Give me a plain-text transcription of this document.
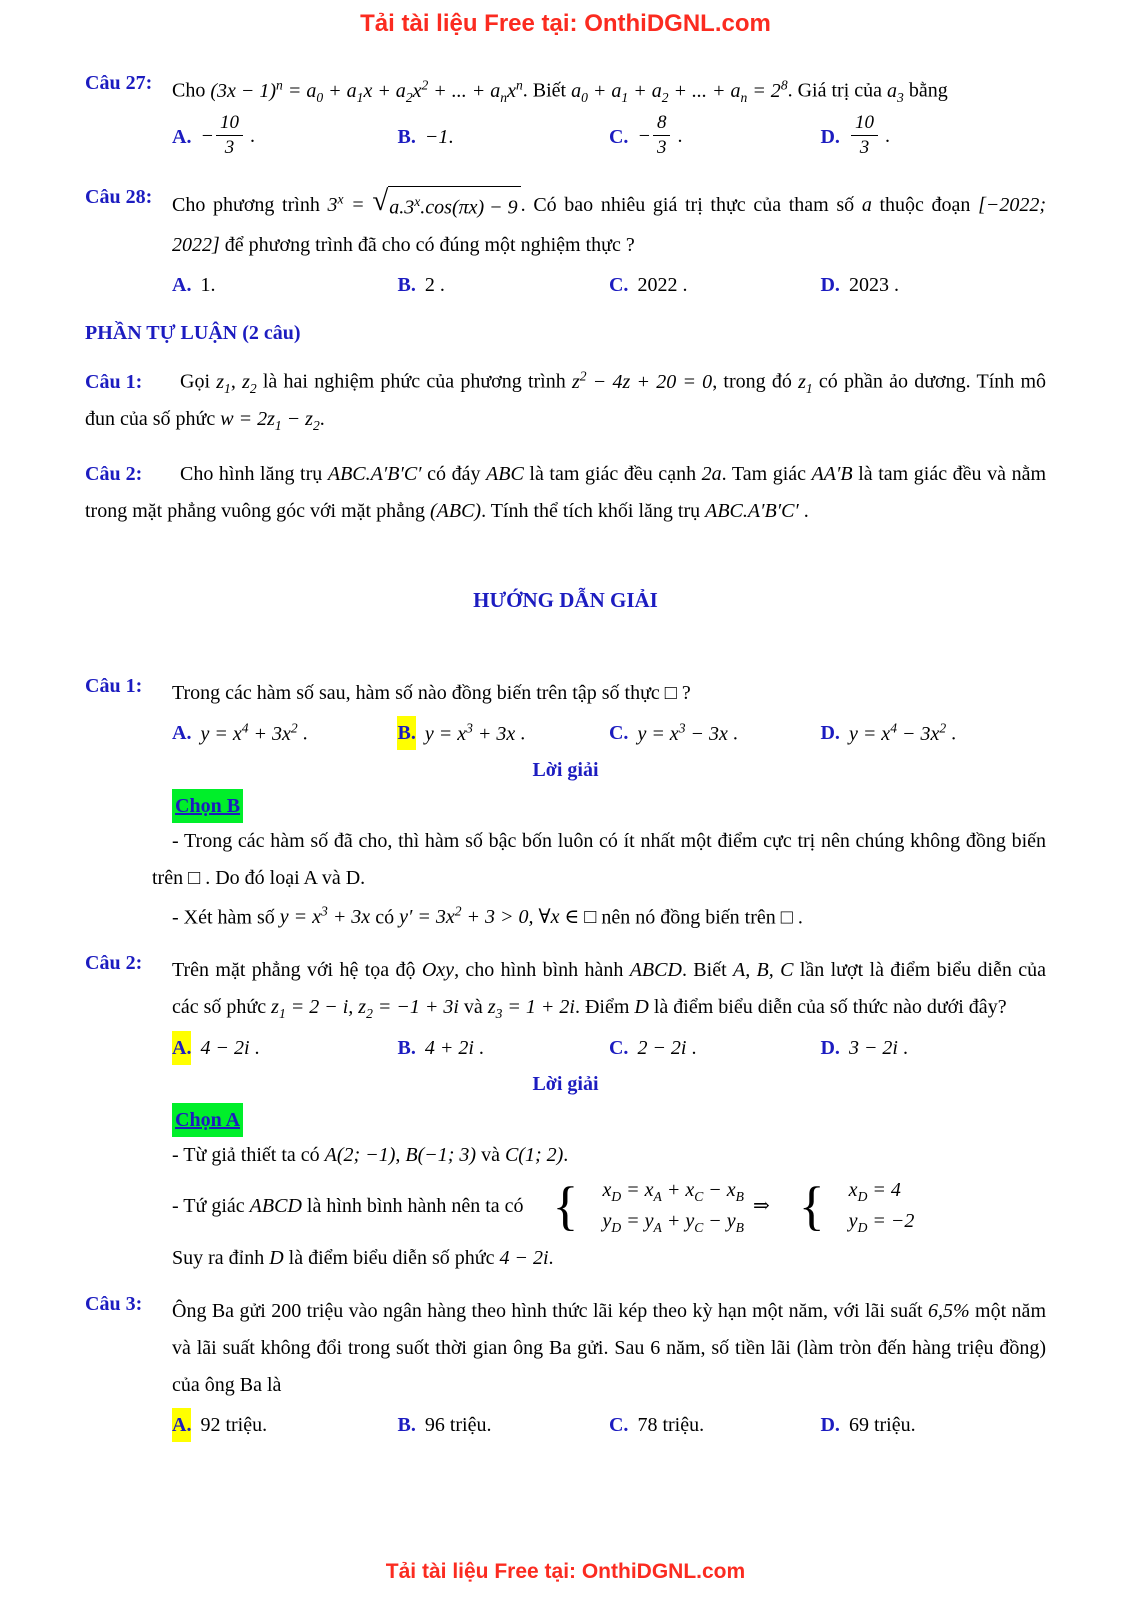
Tải tài liệu Free tại: OnthiDGNL.com
Câu 27: Cho $(3x - 1)^n = a_0 + a_1x + a_2x^2$ + ... + $a_nx^n$. Biết $a_0 + a_1 + a_2$ + ... + $a_n = 2^8$. Giá trị của $a_3$ bằng

A. − $\frac{10}{3}$ .	B. −1.	C. − $\frac{8}{3}$ .	D. $\frac{10}{3}$ .
Câu 28: Cho phương trình $3^x$ = √ $a.3^x.\cos(\pi x) - 9$ . Có bao nhiêu giá trị thực của tham số a thuộc đoạn [−2022; 2022] để phương trình đã cho có đúng một nghiệm thực ?

A. 1.	B. 2 .	C. 2022 .	D. 2023 .
PHẦN TỰ LUẬN (2 câu)

Câu 1: Gọi $z_1$, $z_2$ là hai nghiệm phức của phương trình $z^2 - 4z + 20 = 0$, trong đó $z_1$ có phần ảo dương. Tính mô đun của số phức $w = 2z_1 - z_2$.

Câu 2: Cho hình lăng trụ ABC.A′B′C′ có đáy ABC là tam giác đều cạnh 2a. Tam giác AA′B là tam giác đều và nằm trong mặt phẳng vuông góc với mặt phẳng (ABC). Tính thể tích khối lăng trụ ABC.A′B′C′ .

HƯỚNG DẪN GIẢI
Câu 1:	Trong các hàm số sau, hàm số nào đồng biến trên tập số thực □ ?

A. $y = x^4 + 3x^2$ .	B. $y = x^3 + 3x$ .	C. $y = x^3 - 3x$ .	D. $y = x^4 - 3x^2$ .
Lời giải
Chọn B

- Trong các hàm số đã cho, thì hàm số bậc bốn luôn có ít nhất một điểm cực trị nên chúng không đồng biến trên □ . Do đó loại A và D.

- Xét hàm số $y = x^3 + 3x$ có $y' = 3x^2 + 3 > 0$, ∀x ∈ □ nên nó đồng biến trên □ .

Câu 2:	Trên mặt phẳng với hệ tọa độ Oxy, cho hình bình hành ABCD. Biết A, B, C lần lượt là điểm biểu diễn của các số phức $z_1 = 2 - i$, $z_2 = -1 + 3i$ và $z_3 = 1 + 2i$. Điểm D là điểm biểu diễn của số thức nào dưới đây?

A. 4 − 2i .	B. 4 + 2i .	C. 2 − 2i .	D. 3 − 2i .
Lời giải
Chọn A

- Từ giả thiết ta có A(2; −1), B(−1; 3) và C(1; 2).

- Tứ giác ABCD là hình bình hành nên ta có {	$x_D = x_A + x_C - x_B$
$y_D = y_A + y_C - y_B$
⇒ {	$x_D = 4$
$y_D = -2$

Suy ra đỉnh D là điểm biểu diễn số phức 4 − 2i.

Câu 3:	Ông Ba gửi 200 triệu vào ngân hàng theo hình thức lãi kép theo kỳ hạn một năm, với lãi suất 6,5% một năm và lãi suất không đổi trong suốt thời gian ông Ba gửi. Sau 6 năm, số tiền lãi (làm tròn đến hàng triệu đồng) của ông Ba là

A. 92 triệu.	B. 96 triệu.	C. 78 triệu.	D. 69 triệu.
Tải tài liệu Free tại: OnthiDGNL.com
